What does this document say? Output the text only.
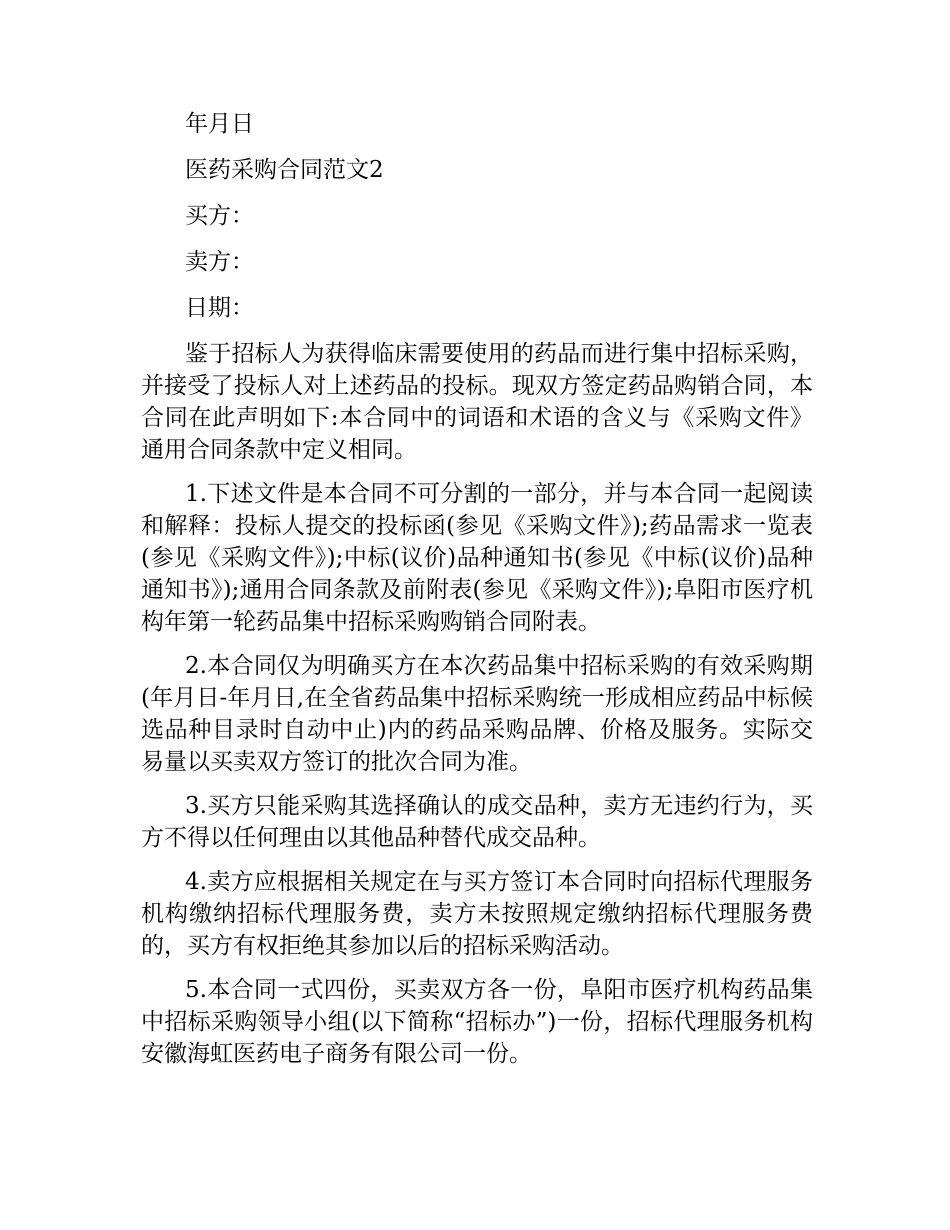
年月日
医药采购合同范文2
买方：
卖方：
日期：

鉴于招标人为获得临床需要使用的药品而进行集中招标采购，并接受了投标人对上述药品的投标。现双方签定药品购销合同，本合同在此声明如下:本合同中的词语和术语的含义与《采购文件》通用合同条款中定义相同。

1.下述文件是本合同不可分割的一部分，并与本合同一起阅读和解释：投标人提交的投标函(参见《采购文件》);药品需求一览表(参见《采购文件》);中标(议价)品种通知书(参见《中标(议价)品种通知书》);通用合同条款及前附表(参见《采购文件》);阜阳市医疗机构年第一轮药品集中招标采购购销合同附表。

2.本合同仅为明确买方在本次药品集中招标采购的有效采购期(年月日-年月日,在全省药品集中招标采购统一形成相应药品中标候选品种目录时自动中止)内的药品采购品牌、价格及服务。实际交易量以买卖双方签订的批次合同为准。

3.买方只能采购其选择确认的成交品种，卖方无违约行为，买方不得以任何理由以其他品种替代成交品种。

4.卖方应根据相关规定在与买方签订本合同时向招标代理服务机构缴纳招标代理服务费，卖方未按照规定缴纳招标代理服务费的，买方有权拒绝其参加以后的招标采购活动。

5.本合同一式四份，买卖双方各一份，阜阳市医疗机构药品集中招标采购领导小组(以下简称“招标办”)一份，招标代理服务机构安徽海虹医药电子商务有限公司一份。
